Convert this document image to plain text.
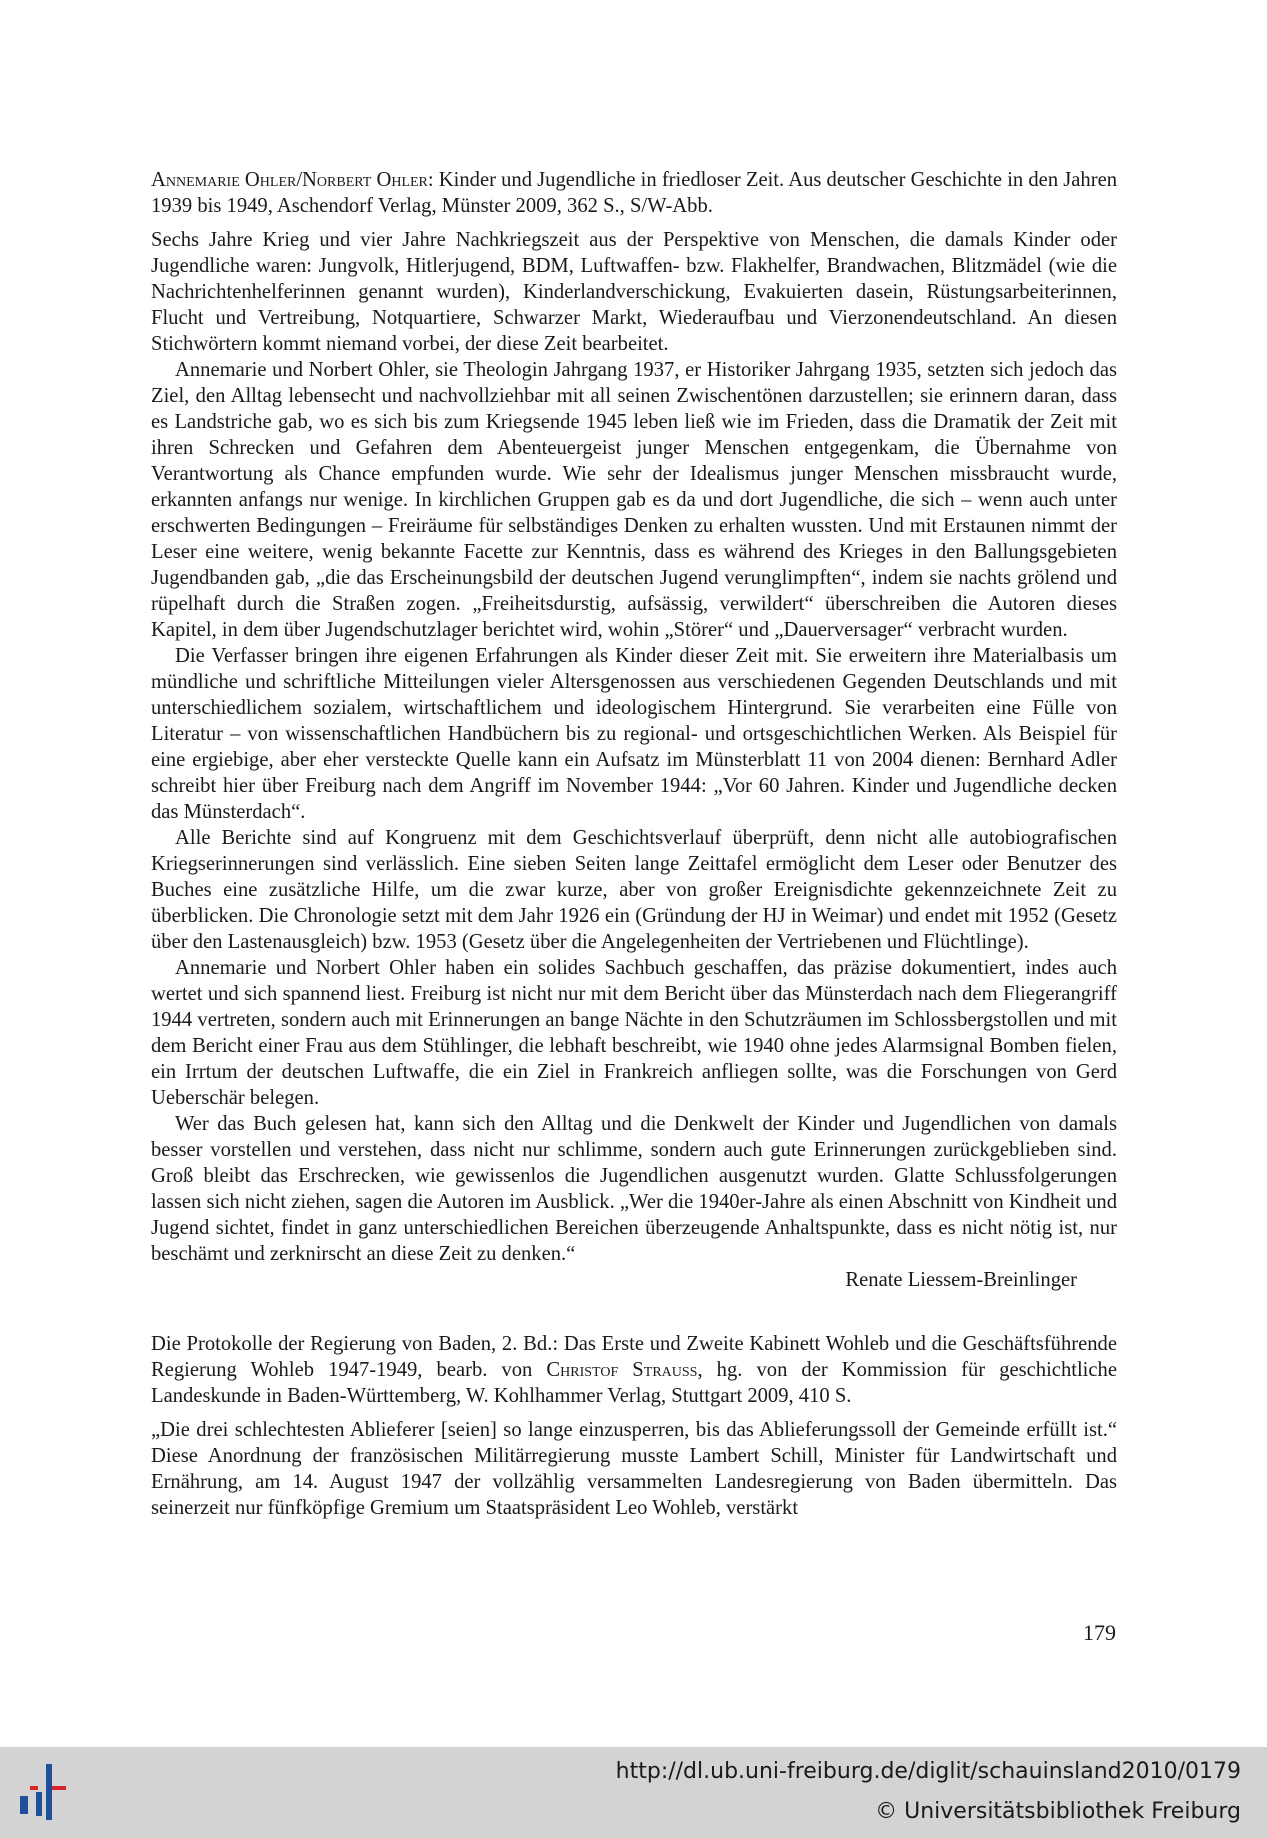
Annemarie Ohler/Norbert Ohler: Kinder und Jugendliche in friedloser Zeit. Aus deutscher Geschichte in den Jahren 1939 bis 1949, Aschendorf Verlag, Münster 2009, 362 S., S/W-Abb.

Sechs Jahre Krieg und vier Jahre Nachkriegszeit aus der Perspektive von Menschen, die damals Kinder oder Jugendliche waren: Jungvolk, Hitlerjugend, BDM, Luftwaffen- bzw. Flakhelfer, Brandwachen, Blitzmädel (wie die Nachrichtenhelferinnen genannt wurden), Kinderlandverschickung, Evakuierten dasein, Rüstungsarbeiterinnen, Flucht und Vertreibung, Notquartiere, Schwarzer Markt, Wiederaufbau und Vierzonendeutschland. An diesen Stichwörtern kommt niemand vorbei, der diese Zeit bearbeitet.

Annemarie und Norbert Ohler, sie Theologin Jahrgang 1937, er Historiker Jahrgang 1935, setzten sich jedoch das Ziel, den Alltag lebensecht und nachvollziehbar mit all seinen Zwischentönen darzustellen; sie erinnern daran, dass es Landstriche gab, wo es sich bis zum Kriegsende 1945 leben ließ wie im Frieden, dass die Dramatik der Zeit mit ihren Schrecken und Gefahren dem Abenteuergeist junger Menschen entgegenkam, die Übernahme von Verantwortung als Chance empfunden wurde. Wie sehr der Idealismus junger Menschen missbraucht wurde, erkannten anfangs nur wenige. In kirchlichen Gruppen gab es da und dort Jugendliche, die sich – wenn auch unter erschwerten Bedingungen – Freiräume für selbständiges Denken zu erhalten wussten. Und mit Erstaunen nimmt der Leser eine weitere, wenig bekannte Facette zur Kenntnis, dass es während des Krieges in den Ballungsgebieten Jugendbanden gab, „die das Erscheinungsbild der deutschen Jugend verunglimpften“, indem sie nachts grölend und rüpelhaft durch die Straßen zogen. „Freiheitsdurstig, aufsässig, verwildert“ überschreiben die Autoren dieses Kapitel, in dem über Jugendschutzlager berichtet wird, wohin „Störer“ und „Dauerversager“ verbracht wurden.

Die Verfasser bringen ihre eigenen Erfahrungen als Kinder dieser Zeit mit. Sie erweitern ihre Materialbasis um mündliche und schriftliche Mitteilungen vieler Altersgenossen aus verschiedenen Gegenden Deutschlands und mit unterschiedlichem sozialem, wirtschaftlichem und ideologischem Hintergrund. Sie verarbeiten eine Fülle von Literatur – von wissenschaftlichen Handbüchern bis zu regional- und ortsgeschichtlichen Werken. Als Beispiel für eine ergiebige, aber eher versteckte Quelle kann ein Aufsatz im Münsterblatt 11 von 2004 dienen: Bernhard Adler schreibt hier über Freiburg nach dem Angriff im November 1944: „Vor 60 Jahren. Kinder und Jugendliche decken das Münsterdach“.

Alle Berichte sind auf Kongruenz mit dem Geschichtsverlauf überprüft, denn nicht alle autobiografischen Kriegserinnerungen sind verlässlich. Eine sieben Seiten lange Zeittafel ermöglicht dem Leser oder Benutzer des Buches eine zusätzliche Hilfe, um die zwar kurze, aber von großer Ereignisdichte gekennzeichnete Zeit zu überblicken. Die Chronologie setzt mit dem Jahr 1926 ein (Gründung der HJ in Weimar) und endet mit 1952 (Gesetz über den Lastenausgleich) bzw. 1953 (Gesetz über die Angelegenheiten der Vertriebenen und Flüchtlinge).

Annemarie und Norbert Ohler haben ein solides Sachbuch geschaffen, das präzise dokumentiert, indes auch wertet und sich spannend liest. Freiburg ist nicht nur mit dem Bericht über das Münsterdach nach dem Fliegerangriff 1944 vertreten, sondern auch mit Erinnerungen an bange Nächte in den Schutzräumen im Schlossbergstollen und mit dem Bericht einer Frau aus dem Stühlinger, die lebhaft beschreibt, wie 1940 ohne jedes Alarmsignal Bomben fielen, ein Irrtum der deutschen Luftwaffe, die ein Ziel in Frankreich anfliegen sollte, was die Forschungen von Gerd Ueberschär belegen.

Wer das Buch gelesen hat, kann sich den Alltag und die Denkwelt der Kinder und Jugendlichen von damals besser vorstellen und verstehen, dass nicht nur schlimme, sondern auch gute Erinnerungen zurückgeblieben sind. Groß bleibt das Erschrecken, wie gewissenlos die Jugendlichen ausgenutzt wurden. Glatte Schlussfolgerungen lassen sich nicht ziehen, sagen die Autoren im Ausblick. „Wer die 1940er-Jahre als einen Abschnitt von Kindheit und Jugend sichtet, findet in ganz unterschiedlichen Bereichen überzeugende Anhaltspunkte, dass es nicht nötig ist, nur beschämt und zerknirscht an diese Zeit zu denken.“

Renate Liessem-Breinlinger

Die Protokolle der Regierung von Baden, 2. Bd.: Das Erste und Zweite Kabinett Wohleb und die Geschäftsführende Regierung Wohleb 1947-1949, bearb. von Christof Strauß, hg. von der Kommission für geschichtliche Landeskunde in Baden-Württemberg, W. Kohlhammer Verlag, Stuttgart 2009, 410 S.

„Die drei schlechtesten Ablieferer [seien] so lange einzusperren, bis das Ablieferungssoll der Gemeinde erfüllt ist.“ Diese Anordnung der französischen Militärregierung musste Lambert Schill, Minister für Landwirtschaft und Ernährung, am 14. August 1947 der vollzählig versammelten Landesregierung von Baden übermitteln. Das seinerzeit nur fünfköpfige Gremium um Staatspräsident Leo Wohleb, verstärkt

179
http://dl.ub.uni-freiburg.de/diglit/schauinsland2010/0179
© Universitätsbibliothek Freiburg
